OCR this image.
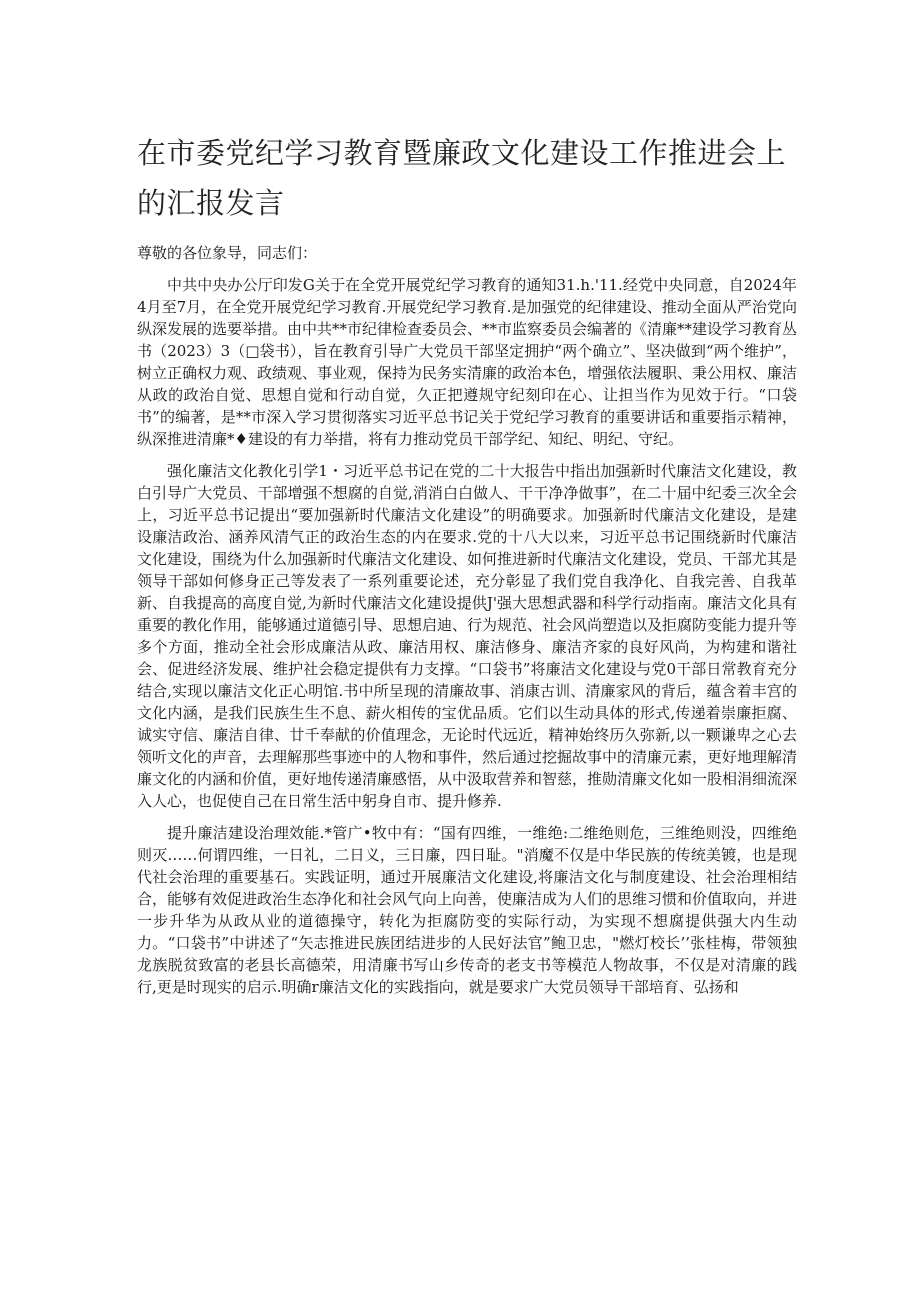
在市委党纪学习教育暨廉政文化建设工作推进会上的汇报发言

尊敬的各位象导，同志们：

中共中央办公厅印发G关于在全党开展党纪学习教育的通知31.h.'11.经党中央同意，自2024年4月至7月，在全党开展党纪学习教育.开展党纪学习教育.是加强党的纪律建设、推动全面从严治党向纵深发展的选要举措。由中共**市纪律检查委员会、**市监察委员会编著的《清廉**建设学习教育丛书（2023）3（□袋书），旨在教育引导广大党员干部坚定拥护“两个确立”、坚决做到“两个维护”，树立正确权力观、政绩观、事业观，保持为民务实清廉的政治本色，增强依法履职、秉公用权、廉洁从政的政治自觉、思想自觉和行动自觉，久正把遵规守纪刻印在心、让担当作为见效于行。“口袋书”的编著，是**市深入学习贯彻落实习近平总书记关于党纪学习教育的重要讲话和重要指示精神，纵深推进清廉*♦建设的有力举措，将有力推动党员干部学纪、知纪、明纪、守纪。

强化廉洁文化教化引学1・习近平总书记在党的二十大报告中指出加强新时代廉洁文化建设，教白引导广大党员、干部增强不想腐的自觉,消消白白做人、干干净净做事”，在二十届中纪委三次全会上，习近平总书记提出“要加强新时代廉洁文化建设”的明确要求。加强新时代廉洁文化建设，是建设廉洁政治、涵养风清气正的政治生态的内在要求.党的十八大以来，习近平总书记围绕新时代廉洁文化建设，围绕为什么加强新时代廉洁文化建设、如何推进新时代廉洁文化建设，党员、干部尤其是领导干部如何修身正己等发表了一系列重要论述，充分彰显了我们党自我净化、自我完善、自我革新、自我提高的高度自觉,为新时代廉洁文化建设提供J'强大思想武器和科学行动指南。廉洁文化具有重要的教化作用，能够通过道德引导、思想启迪、行为规范、社会风尚塑造以及拒腐防变能力提升等多个方面，推动全社会形成廉洁从政、廉洁用权、廉洁修身、廉洁齐家的良好风尚，为构建和谐社会、促进经济发展、维护社会稳定提供有力支撑。“口袋书”将廉洁文化建设与党0干部日常教育充分结合,实现以廉洁文化正心明馆.书中所呈现的清廉故事、消康古训、清廉家风的背后，蕴含着丰宫的文化内涵，是我们民族生生不息、薪火相传的宝优品质。它们以生动具体的形式,传递着崇廉拒腐、诚实守信、廉洁自律、廿千奉献的价值理念，无论时代远近，精神始终历久弥新,以一颗谦卑之心去领听文化的声音，去理解那些事迹中的人物和事件，然后通过挖掘故事中的清廉元素，更好地理解清廉文化的内涵和价值，更好地传递清廉感悟，从中汲取营养和智慈，推勋清廉文化如一股相涓细流深入人心，也促使自己在日常生活中躬身自市、提升修养.

提升廉洁建设治理效能.*管广•牧中有：“国有四维，一维绝:二维绝则危，三维绝则没，四维绝则灭……何谓四维，一日礼，二日义，三日廉，四日耻。"消魔不仅是中华民族的传统美镀，也是现代社会治理的重要基石。实践证明，通过开展廉洁文化建设,将廉洁文化与制度建设、社会治理相结合，能够有效促进政治生态净化和社会风气向上向善，使廉洁成为人们的思维习惯和价值取向，并进一步升华为从政从业的道德操守，转化为拒腐防变的实际行动，为实现不想腐提供强大内生动力。“口袋书”中讲述了“矢志推进民族团结进步的人民好法官”鲍卫忠，"燃灯校长’’张桂梅，带领独龙族脱贫致富的老县长高德荣，用清廉书写山乡传奇的老支书等模范人物故事，不仅是对清廉的践行,更是时现实的启示.明确r廉洁文化的实践指向，就是要求广大党员领导干部培育、弘扬和
